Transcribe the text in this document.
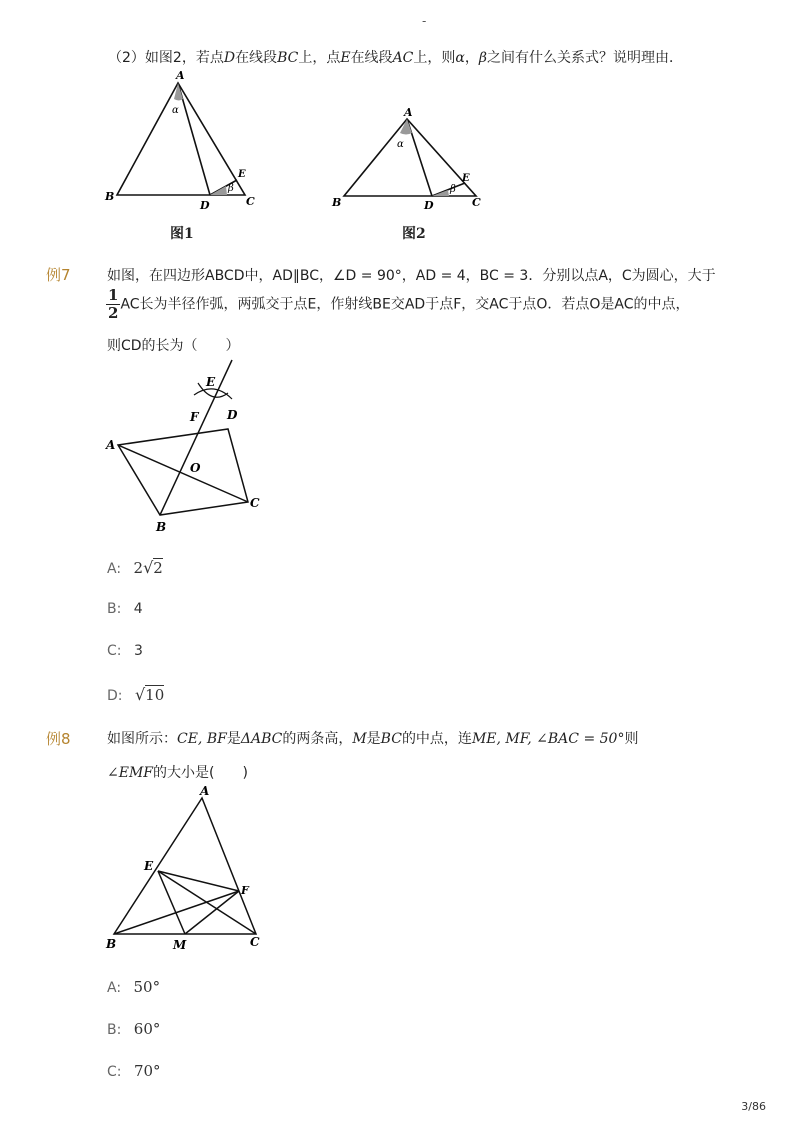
-
（2）如图2，若点D在线段BC上，点E在线段AC上，则α，β之间有什么关系式？说明理由．
A
B	C
D
E
α
β
图1
A
B	C
D
E
α
β
图2
例7	如图，在四边形ABCD中，AD∥BC，∠D = 90°，AD = 4，BC = 3．分别以点A，C为圆心，大于
$\frac{1}{2}$ AC长为半径作弧，两弧交于点E，作射线BE交AD于点F，交AC于点O．若点O是AC的中点，
则CD的长为（　　）
A
B
C
D
E
F
O
A: 2√2
B: 4
C: 3
D: √10
例8	如图所示：CE, BF是ΔABC的两条高，M是BC的中点，连ME, MF, ∠BAC = 50°则
∠EMF的大小是(　　)
A
B	C
E
F
M
A: 50°
B: 60°
C: 70°
3/86
